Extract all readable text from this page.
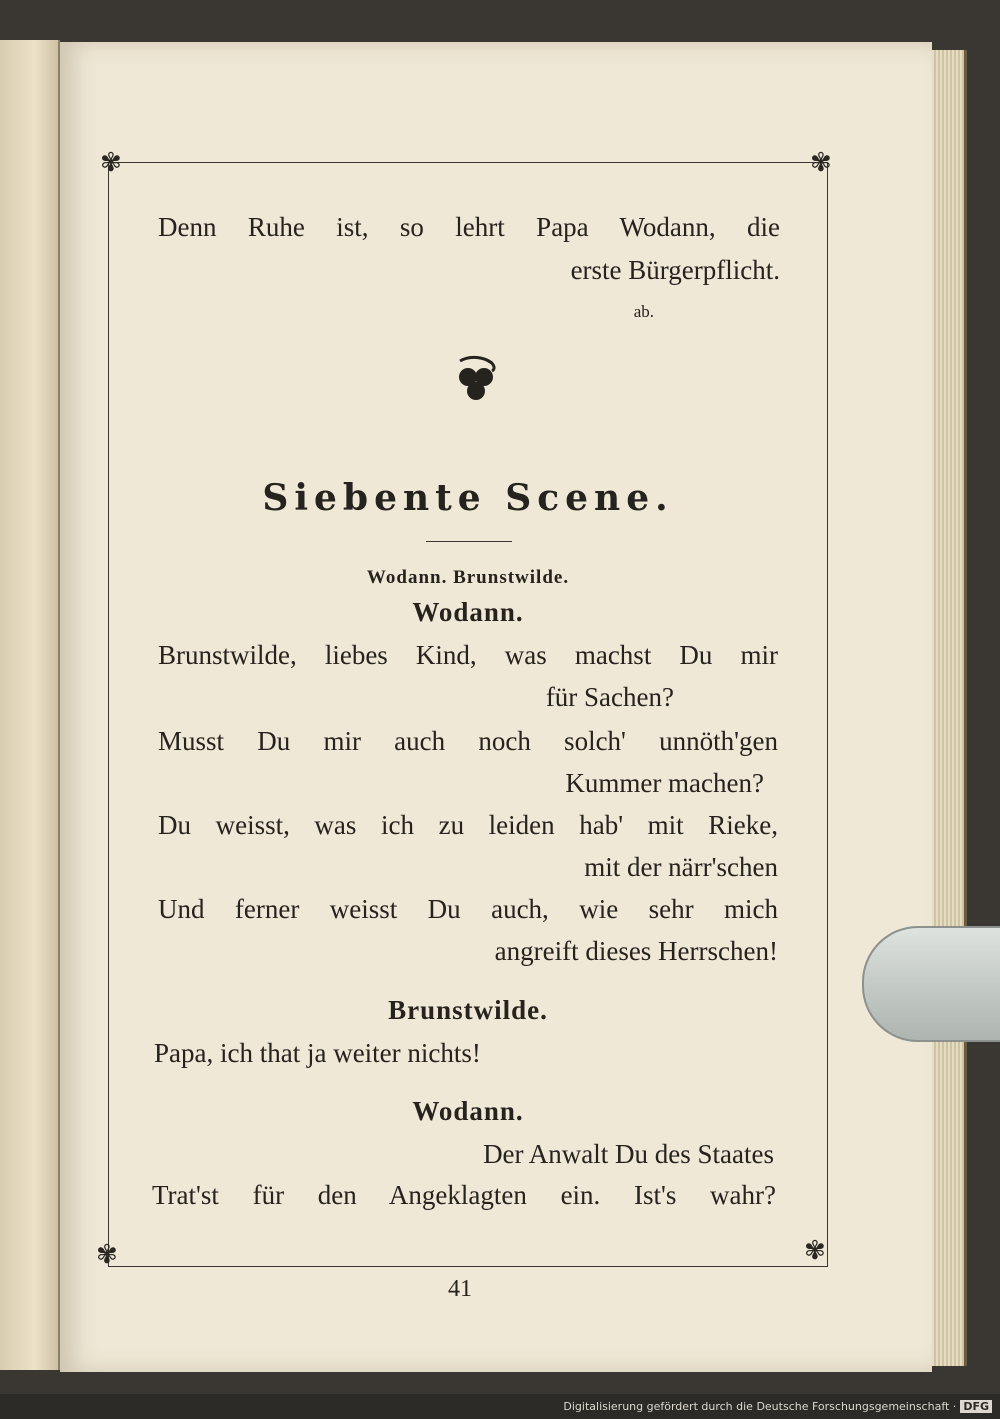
✾	✾
✾	✾
Denn Ruhe ist, so lehrt Papa Wodann, die
erste Bürgerpflicht.
ab.
Siebente Scene.
Wodann. Brunstwilde.
Wodann.
Brunstwilde, liebes Kind, was machst Du mir
für Sachen?
Musst Du mir auch noch solch' unnöth'gen
Kummer machen?
Du weisst, was ich zu leiden hab' mit Rieke,
mit der närr'schen
Und ferner weisst Du auch, wie sehr mich
angreift dieses Herrschen!
Brunstwilde.
Papa, ich that ja weiter nichts!
Wodann.
Der Anwalt Du des Staates
Trat'st für den Angeklagten ein. Ist's wahr?
41
Digitalisierung gefördert durch die Deutsche Forschungsgemeinschaft · DFG
